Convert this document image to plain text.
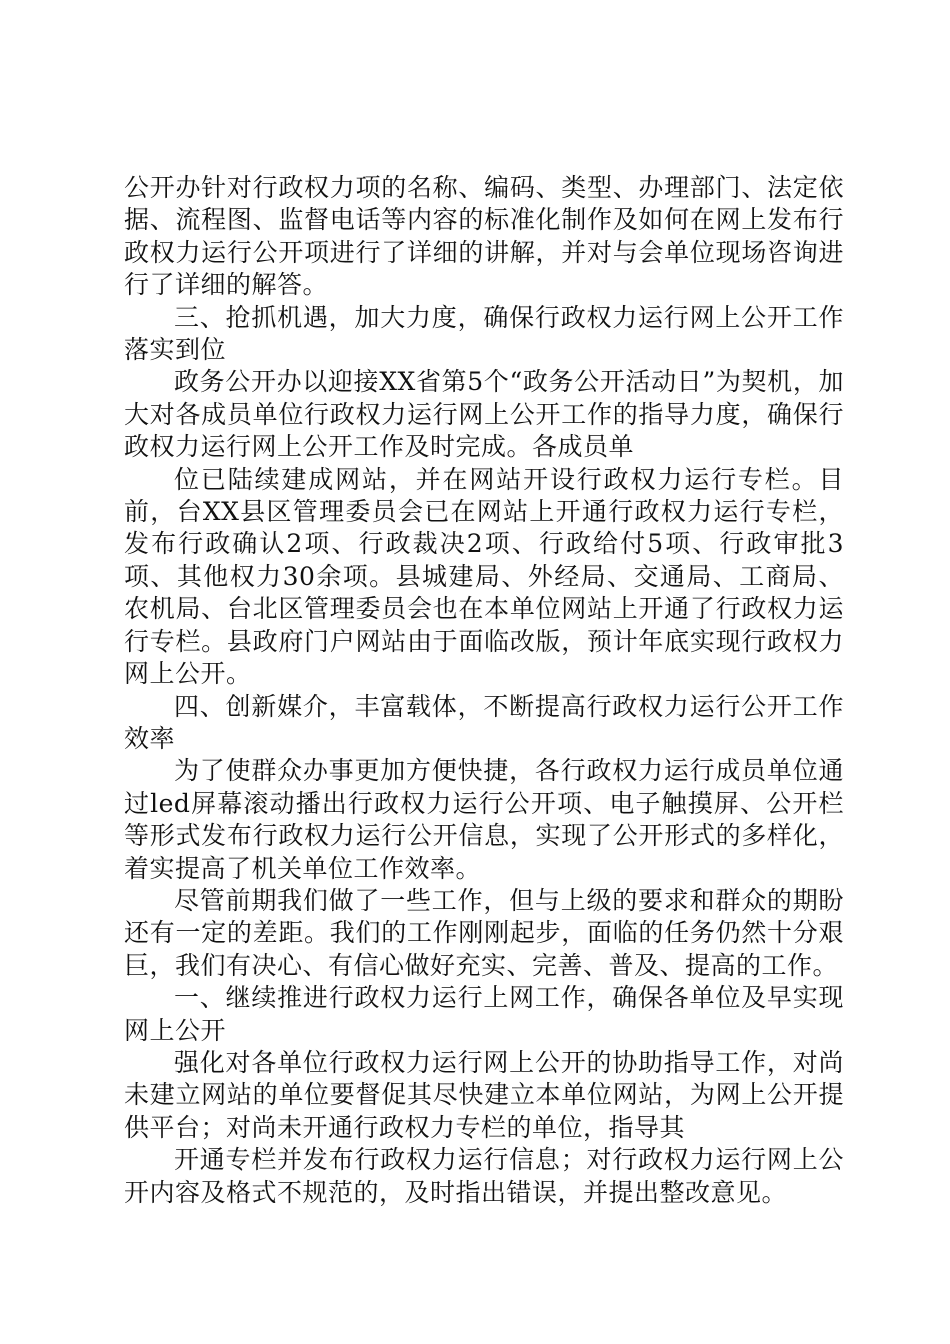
公开办针对行政权力项的名称、编码、类型、办理部门、法定依据、流程图、监督电话等内容的标准化制作及如何在网上发布行政权力运行公开项进行了详细的讲解，并对与会单位现场咨询进行了详细的解答。

三、抢抓机遇，加大力度，确保行政权力运行网上公开工作落实到位

政务公开办以迎接XX省第5个“政务公开活动日”为契机，加大对各成员单位行政权力运行网上公开工作的指导力度，确保行政权力运行网上公开工作及时完成。各成员单

位已陆续建成网站，并在网站开设行政权力运行专栏。目前，台XX县区管理委员会已在网站上开通行政权力运行专栏，发布行政确认2项、行政裁决2项、行政给付5项、行政审批3项、其他权力30余项。县城建局、外经局、交通局、工商局、农机局、台北区管理委员会也在本单位网站上开通了行政权力运行专栏。县政府门户网站由于面临改版，预计年底实现行政权力网上公开。

四、创新媒介，丰富载体，不断提高行政权力运行公开工作效率

为了使群众办事更加方便快捷，各行政权力运行成员单位通过led屏幕滚动播出行政权力运行公开项、电子触摸屏、公开栏等形式发布行政权力运行公开信息，实现了公开形式的多样化，着实提高了机关单位工作效率。

尽管前期我们做了一些工作，但与上级的要求和群众的期盼还有一定的差距。我们的工作刚刚起步，面临的任务仍然十分艰巨，我们有决心、有信心做好充实、完善、普及、提高的工作。

一、继续推进行政权力运行上网工作，确保各单位及早实现网上公开

强化对各单位行政权力运行网上公开的协助指导工作，对尚未建立网站的单位要督促其尽快建立本单位网站，为网上公开提供平台；对尚未开通行政权力专栏的单位，指导其

开通专栏并发布行政权力运行信息；对行政权力运行网上公开内容及格式不规范的，及时指出错误，并提出整改意见。
